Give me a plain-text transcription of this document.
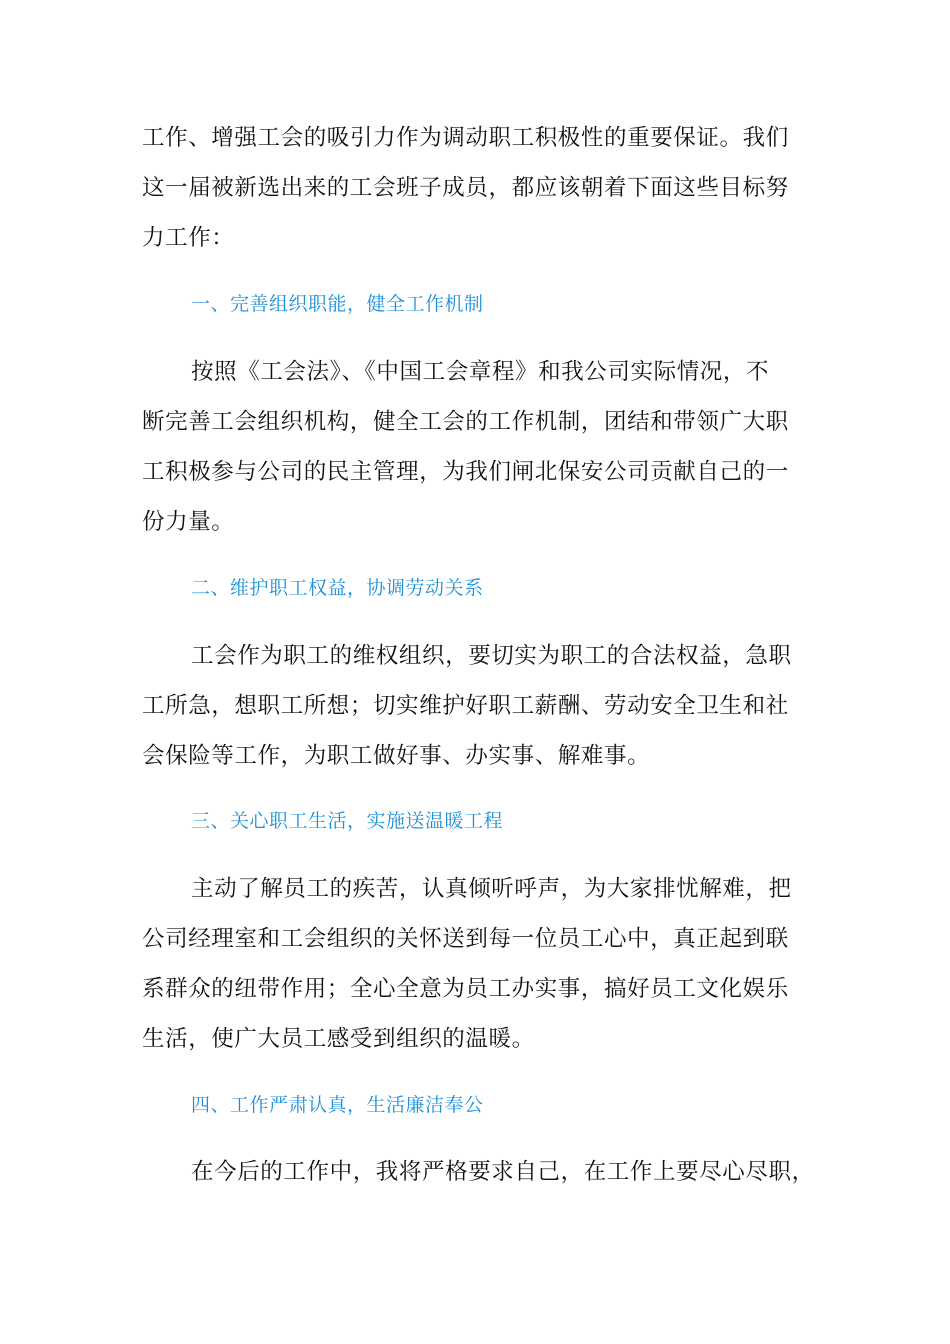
工作、增强工会的吸引力作为调动职工积极性的重要保证。我们
这一届被新选出来的工会班子成员，都应该朝着下面这些目标努
力工作：
一、完善组织职能，健全工作机制
按照《工会法》、《中国工会章程》和我公司实际情况，不
断完善工会组织机构，健全工会的工作机制，团结和带领广大职
工积极参与公司的民主管理，为我们闸北保安公司贡献自己的一
份力量。
二、维护职工权益，协调劳动关系
工会作为职工的维权组织，要切实为职工的合法权益，急职
工所急，想职工所想；切实维护好职工薪酬、劳动安全卫生和社
会保险等工作，为职工做好事、办实事、解难事。
三、关心职工生活，实施送温暖工程
主动了解员工的疾苦，认真倾听呼声，为大家排忧解难，把
公司经理室和工会组织的关怀送到每一位员工心中，真正起到联
系群众的纽带作用；全心全意为员工办实事，搞好员工文化娱乐
生活，使广大员工感受到组织的温暖。
四、工作严肃认真，生活廉洁奉公
在今后的工作中，我将严格要求自己，在工作上要尽心尽职，
